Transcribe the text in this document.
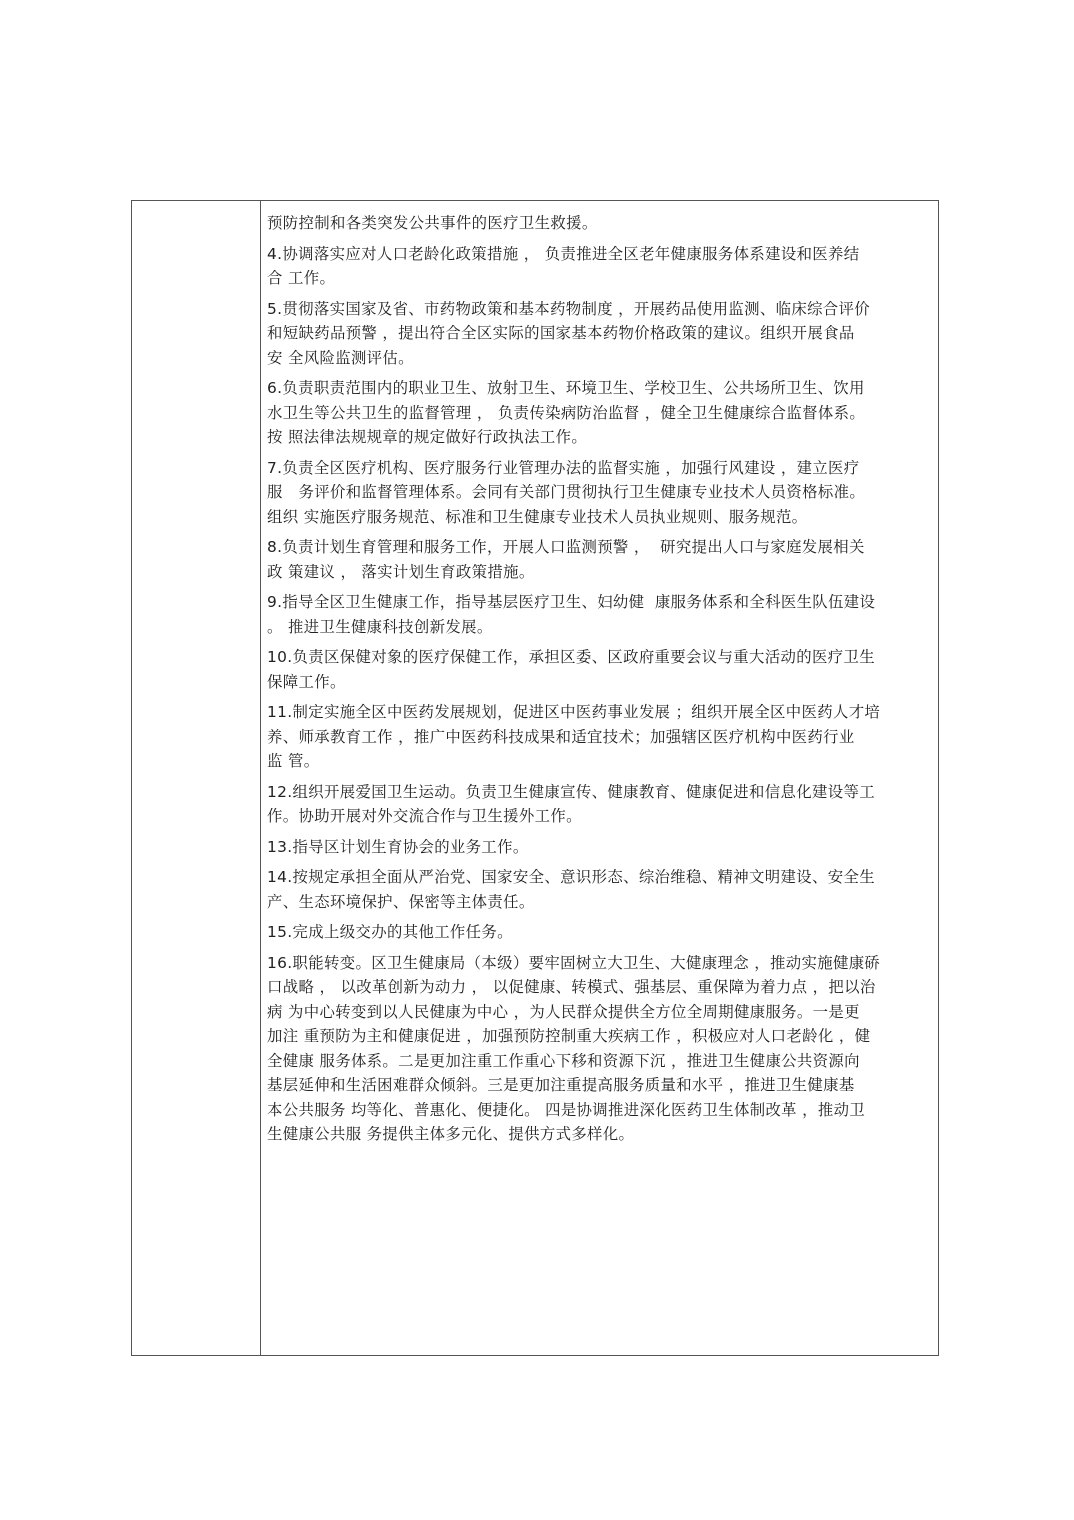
预防控制和各类突发公共事件的医疗卫生救援。
4.协调落实应对人口老龄化政策措施 ， 负责推进全区老年健康服务体系建设和医养结
合 工作。
5.贯彻落实国家及省、市药物政策和基本药物制度 ，开展药品使用监测、临床综合评价
和短缺药品预警 ，提出符合全区实际的国家基本药物价格政策的建议。组织开展食品
安 全风险监测评估。
6.负责职责范围内的职业卫生、放射卫生、环境卫生、学校卫生、公共场所卫生、饮用
水卫生等公共卫生的监督管理 ， 负责传染病防治监督 ，健全卫生健康综合监督体系。
按 照法律法规规章的规定做好行政执法工作。
7.负责全区医疗机构、医疗服务行业管理办法的监督实施 ，加强行风建设 ，建立医疗
服   务评价和监督管理体系。会同有关部门贯彻执行卫生健康专业技术人员资格标准。
组织 实施医疗服务规范、标准和卫生健康专业技术人员执业规则、服务规范。
8.负责计划生育管理和服务工作，开展人口监测预警 ，  研究提出人口与家庭发展相关
政 策建议 ， 落实计划生育政策措施。
9.指导全区卫生健康工作，指导基层医疗卫生、妇幼健  康服务体系和全科医生队伍建设
。 推进卫生健康科技创新发展。
10.负责区保健对象的医疗保健工作，承担区委、区政府重要会议与重大活动的医疗卫生
保障工作。
11.制定实施全区中医药发展规划，促进区中医药事业发展 ；组织开展全区中医药人才培
养、师承教育工作 ，推广中医药科技成果和适宜技术；加强辖区医疗机构中医药行业
监 管。
12.组织开展爱国卫生运动。负责卫生健康宣传、健康教育、健康促进和信息化建设等工
作。协助开展对外交流合作与卫生援外工作。
13.指导区计划生育协会的业务工作。
14.按规定承担全面从严治党、国家安全、意识形态、综治维稳、精神文明建设、安全生
产、生态环境保护、保密等主体责任。
15.完成上级交办的其他工作任务。
16.职能转变。区卫生健康局（本级）要牢固树立大卫生、大健康理念 ，推动实施健康硚
口战略 ， 以改革创新为动力 ， 以促健康、转模式、强基层、重保障为着力点 ，把以治
病 为中心转变到以人民健康为中心 ，为人民群众提供全方位全周期健康服务。一是更
加注 重预防为主和健康促进 ，加强预防控制重大疾病工作 ，积极应对人口老龄化 ，健
全健康 服务体系。二是更加注重工作重心下移和资源下沉 ，推进卫生健康公共资源向
基层延伸和生活困难群众倾斜。三是更加注重提高服务质量和水平 ，推进卫生健康基
本公共服务 均等化、普惠化、便捷化。 四是协调推进深化医药卫生体制改革 ，推动卫
生健康公共服 务提供主体多元化、提供方式多样化。
